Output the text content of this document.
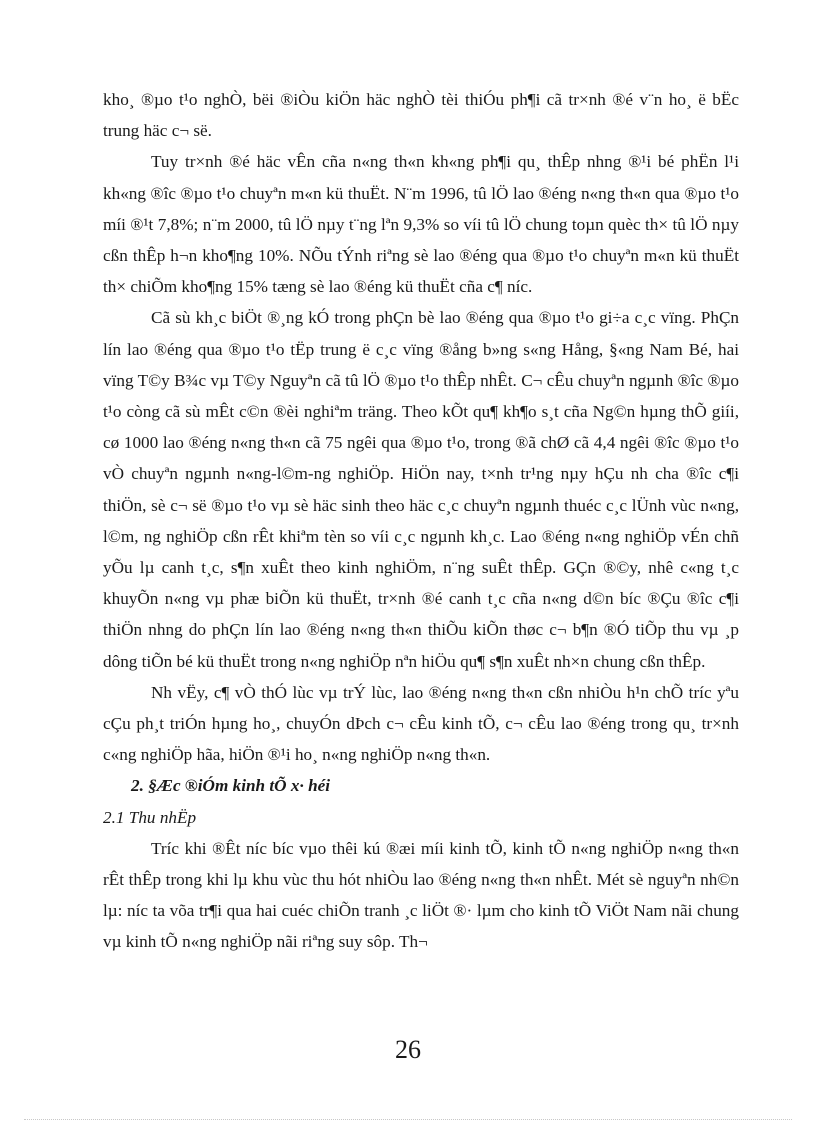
kho¸ ®µo t¹o nghÒ, bëi ®iÒu kiÖn häc nghÒ tèi thiÓu ph¶i cã tr×nh ®é v¨n ho¸ ë bËc trung häc c¬ së.

Tuy tr×nh ®é häc vÊn cña n«ng th«n kh«ng ph¶i qu¸ thÊp nhng ®¹i bé phËn l¹i kh«ng ®îc ®µo t¹o chuyªn m«n kü thuËt. N¨m 1996, tû lÖ lao ®éng n«ng th«n qua ®µo t¹o míi ®¹t 7,8%; n¨m 2000, tû lÖ nµy t¨ng lªn 9,3% so víi tû lÖ chung toµn quèc th× tû lÖ nµy cßn thÊp h¬n kho¶ng 10%. NÕu tÝnh riªng sè lao ®éng qua ®µo t¹o chuyªn m«n kü thuËt th× chiÕm kho¶ng 15% tæng sè lao ®éng kü thuËt cña c¶ níc.

Cã sù kh¸c biÖt ®¸ng kÓ trong phÇn bè lao ®éng qua ®µo t¹o gi÷a c¸c vïng. PhÇn lín lao ®éng qua ®µo t¹o tËp trung ë c¸c vïng ®ång b»ng s«ng Hång, §«ng Nam Bé, hai vïng T©y B¾c vµ T©y Nguyªn cã tû lÖ ®µo t¹o thÊp nhÊt. C¬ cÊu chuyªn ngµnh ®îc ®µo t¹o còng cã sù mÊt c©n ®èi nghiªm träng. Theo kÕt qu¶ kh¶o s¸t cña Ng©n hµng thÕ giíi, cø 1000 lao ®éng n«ng th«n cã 75 ngêi qua ®µo t¹o, trong ®ã chØ cã 4,4 ngêi ®îc ®µo t¹o vÒ chuyªn ngµnh n«ng-l©m-ng nghiÖp. HiÖn nay, t×nh tr¹ng nµy hÇu nh cha ®îc c¶i thiÖn, sè c¬ së ®µo t¹o vµ sè häc sinh theo häc c¸c chuyªn ngµnh thuéc c¸c lÜnh vùc n«ng, l©m, ng nghiÖp cßn rÊt khiªm tèn so víi c¸c ngµnh kh¸c. Lao ®éng n«ng nghiÖp vÉn chñ yÕu lµ canh t¸c, s¶n xuÊt theo kinh nghiÖm, n¨ng suÊt thÊp. GÇn ®©y, nhê c«ng t¸c khuyÕn n«ng vµ phæ biÕn kü thuËt, tr×nh ®é canh t¸c cña n«ng d©n bíc ®Çu ®îc c¶i thiÖn nhng do phÇn lín lao ®éng n«ng th«n thiÕu kiÕn thøc c¬ b¶n ®Ó tiÕp thu vµ ¸p dông tiÕn bé kü thuËt trong n«ng nghiÖp nªn hiÖu qu¶ s¶n xuÊt nh×n chung cßn thÊp.

Nh vËy, c¶ vÒ thÓ lùc vµ trÝ lùc, lao ®éng n«ng th«n cßn nhiÒu h¹n chÕ tríc yªu cÇu ph¸t triÓn hµng ho¸, chuyÓn dÞch c¬ cÊu kinh tÕ, c¬ cÊu lao ®éng trong qu¸ tr×nh c«ng nghiÖp hãa, hiÖn ®¹i ho¸ n«ng nghiÖp n«ng th«n.

2. §Æc ®iÓm kinh tÕ x· héi

2.1 Thu nhËp

Tríc khi ®Êt níc bíc vµo thêi kú ®æi míi kinh tÕ, kinh tÕ n«ng nghiÖp n«ng th«n rÊt thÊp trong khi lµ khu vùc thu hót nhiÒu lao ®éng n«ng th«n nhÊt. Mét sè nguyªn nh©n lµ: níc ta võa tr¶i qua hai cuéc chiÕn tranh ¸c liÖt ®· lµm cho kinh tÕ ViÖt Nam nãi chung vµ kinh tÕ n«ng nghiÖp nãi riªng suy sôp. Th¬

26
